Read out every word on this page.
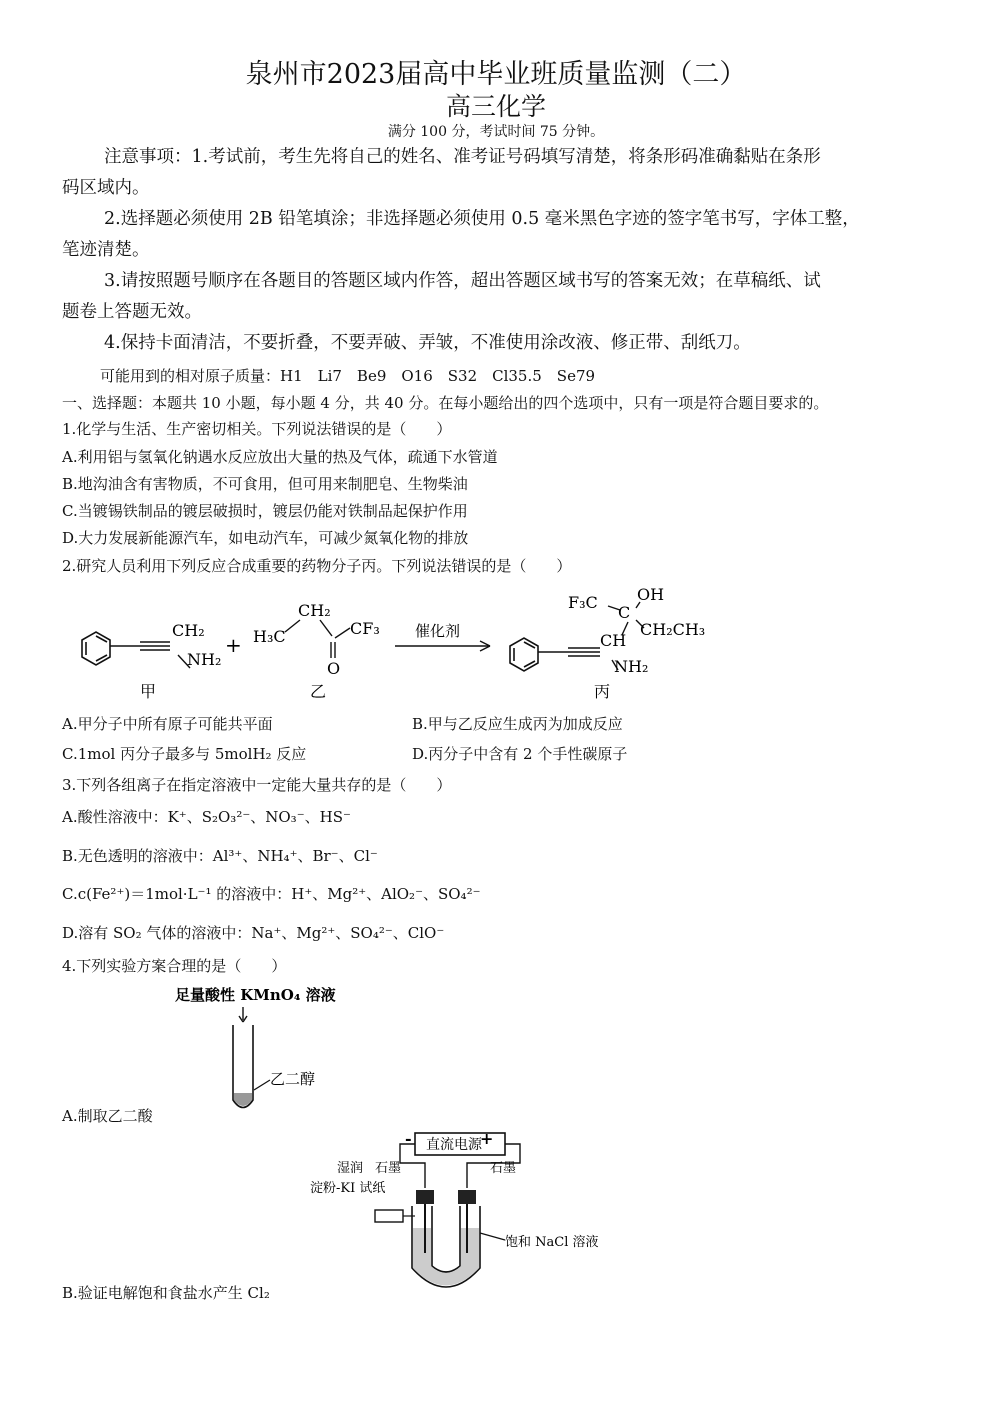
泉州市2023届高中毕业班质量监测（二）
高三化学
满分 100 分，考试时间 75 分钟。
注意事项：1.考试前，考生先将自己的姓名、准考证号码填写清楚，将条形码准确黏贴在条形
码区域内。
2.选择题必须使用 2B 铅笔填涂；非选择题必须使用 0.5 毫米黑色字迹的签字笔书写，字体工整，
笔迹清楚。
3.请按照题号顺序在各题目的答题区域内作答，超出答题区域书写的答案无效；在草稿纸、试
题卷上答题无效。
4.保持卡面清洁，不要折叠，不要弄破、弄皱，不准使用涂改液、修正带、刮纸刀。
可能用到的相对原子质量：H1　Li7　Be9　O16　S32　Cl35.5　Se79
一、选择题：本题共 10 小题，每小题 4 分，共 40 分。在每小题给出的四个选项中，只有一项是符合题目要求的。
1.化学与生活、生产密切相关。下列说法错误的是（　　）
A.利用铝与氢氧化钠遇水反应放出大量的热及气体，疏通下水管道
B.地沟油含有害物质，不可食用，但可用来制肥皂、生物柴油
C.当镀锡铁制品的镀层破损时，镀层仍能对铁制品起保护作用
D.大力发展新能源汽车，如电动汽车，可减少氮氧化物的排放
2.研究人员利用下列反应合成重要的药物分子丙。下列说法错误的是（　　）
CH₂
NH₂
+
甲
H₃C
CH₂
CF₃
O
乙
催化剂
F₃C
C
OH
CH
CH₂CH₃
NH₂
丙
A.甲分子中所有原子可能共平面	B.甲与乙反应生成丙为加成反应
C.1mol 丙分子最多与 5molH₂ 反应	D.丙分子中含有 2 个手性碳原子
3.下列各组离子在指定溶液中一定能大量共存的是（　　）
A.酸性溶液中：K⁺、S₂O₃²⁻、NO₃⁻、HS⁻
B.无色透明的溶液中：Al³⁺、NH₄⁺、Br⁻、Cl⁻
C.c(Fe²⁺)＝1mol·L⁻¹ 的溶液中：H⁺、Mg²⁺、AlO₂⁻、SO₄²⁻
D.溶有 SO₂ 气体的溶液中：Na⁺、Mg²⁺、SO₄²⁻、ClO⁻
4.下列实验方案合理的是（　　）
足量酸性 KMnO₄ 溶液
乙二醇
A.制取乙二酸
直流电源
-	+
石墨	石墨
湿润
淀粉-KI 试纸
饱和 NaCl 溶液
B.验证电解饱和食盐水产生 Cl₂
